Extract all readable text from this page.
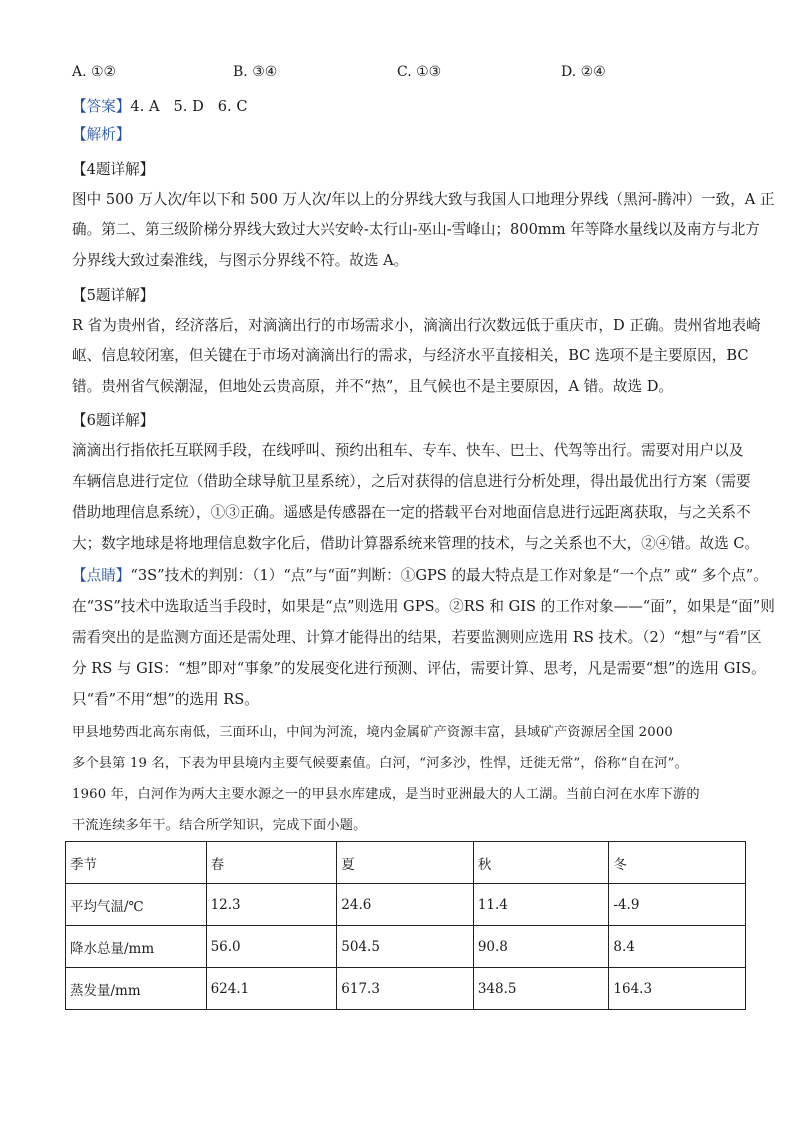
A. ①②	B. ③④	C. ①③	D. ②④
【答案】4. A 5. D 6. C
【解析】
【4题详解】
图中 500 万人次/年以下和 500 万人次/年以上的分界线大致与我国人口地理分界线（黑河-腾冲）一致，A 正
确。第二、第三级阶梯分界线大致过大兴安岭-太行山-巫山-雪峰山；800mm 年等降水量线以及南方与北方
分界线大致过秦淮线，与图示分界线不符。故选 A。
【5题详解】
R 省为贵州省，经济落后，对滴滴出行的市场需求小，滴滴出行次数远低于重庆市，D 正确。贵州省地表崎
岖、信息较闭塞，但关键在于市场对滴滴出行的需求，与经济水平直接相关，BC 选项不是主要原因，BC
错。贵州省气候潮湿，但地处云贵高原，并不“热”，且气候也不是主要原因，A 错。故选 D。
【6题详解】
滴滴出行指依托互联网手段，在线呼叫、预约出租车、专车、快车、巴士、代驾等出行。需要对用户以及
车辆信息进行定位（借助全球导航卫星系统），之后对获得的信息进行分析处理，得出最优出行方案（需要
借助地理信息系统），①③正确。遥感是传感器在一定的搭载平台对地面信息进行远距离获取，与之关系不
大；数字地球是将地理信息数字化后，借助计算器系统来管理的技术，与之关系也不大，②④错。故选 C。
【点睛】“3S”技术的判别：（1）“点”与“面”判断：①GPS 的最大特点是工作对象是“一个点” 或“ 多个点”。
在“3S”技术中选取适当手段时，如果是“点”则选用 GPS。②RS 和 GIS 的工作对象——“面”，如果是“面”则
需看突出的是监测方面还是需处理、计算才能得出的结果，若要监测则应选用 RS 技术。（2）“想”与“看”区
分 RS 与 GIS：“想”即对“事象”的发展变化进行预测、评估，需要计算、思考，凡是需要“想”的选用 GIS。
只“看”不用“想”的选用 RS。
甲县地势西北高东南低，三面环山，中间为河流，境内金属矿产资源丰富，县域矿产资源居全国 2000
多个县第 19 名，下表为甲县境内主要气候要素值。白河，“河多沙，性悍，迁徙无常”，俗称“自在河”。
1960 年，白河作为两大主要水源之一的甲县水库建成，是当时亚洲最大的人工湖。当前白河在水库下游的
干流连续多年干。结合所学知识，完成下面小题。
季节	春	夏	秋	冬
平均气温/℃	12.3	24.6	11.4	-4.9
降水总量/mm	56.0	504.5	90.8	8.4
蒸发量/mm	624.1	617.3	348.5	164.3
